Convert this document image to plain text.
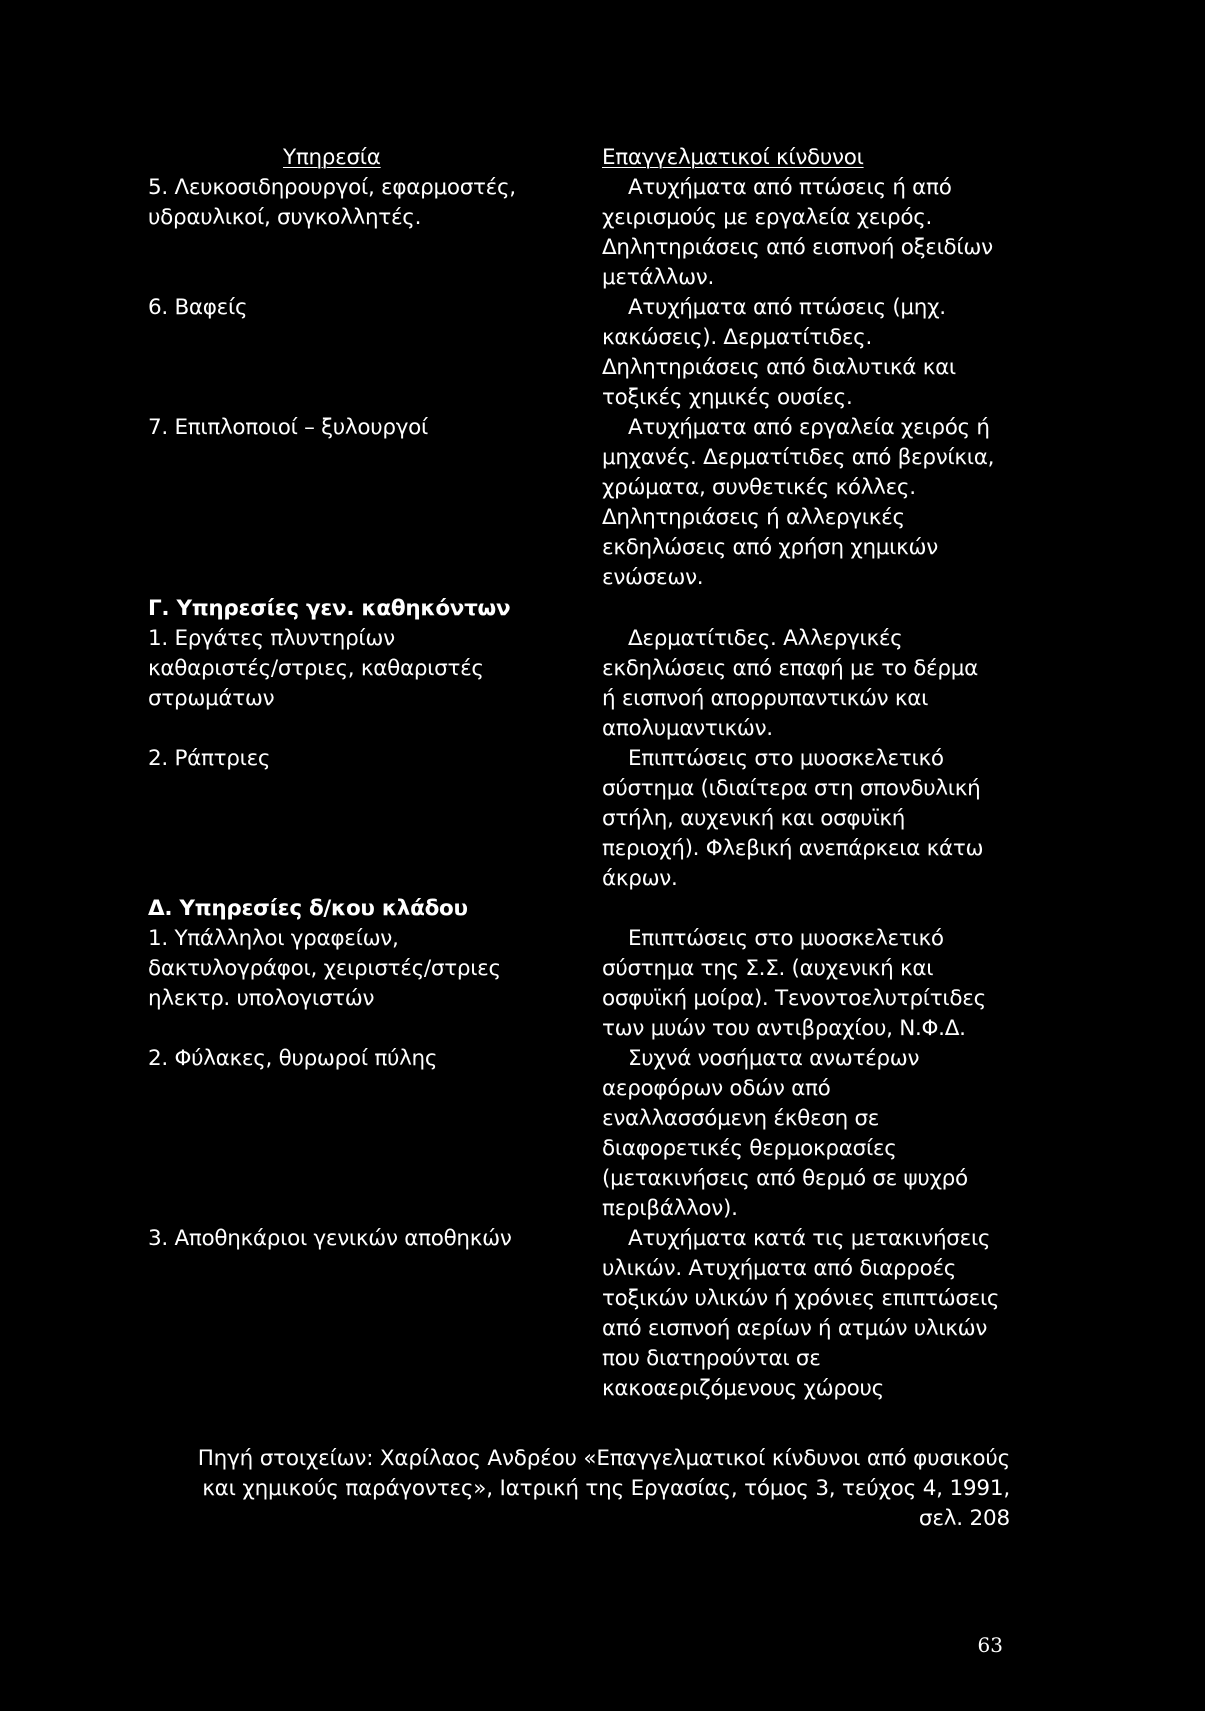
Υπηρεσία
5. Λευκοσιδηρουργοί, εφαρμοστές,
υδραυλικοί, συγκολλητές.
6. Βαφείς
7. Επιπλοποιοί – ξυλουργοί
Γ. Υπηρεσίες γεν. καθηκόντων
1. Εργάτες πλυντηρίων
καθαριστές/στριες, καθαριστές
στρωμάτων
2. Ράπτριες
Δ. Υπηρεσίες δ/κου κλάδου
1. Υπάλληλοι γραφείων,
δακτυλογράφοι, χειριστές/στριες
ηλεκτρ. υπολογιστών
2. Φύλακες, θυρωροί πύλης
3. Αποθηκάριοι γενικών αποθηκών
Επαγγελματικοί κίνδυνοι
Ατυχήματα από πτώσεις ή από
χειρισμούς με εργαλεία χειρός.
Δηλητηριάσεις από εισπνοή οξειδίων
μετάλλων.
Ατυχήματα από πτώσεις (μηχ.
κακώσεις). Δερματίτιδες.
Δηλητηριάσεις από διαλυτικά και
τοξικές χημικές ουσίες.
Ατυχήματα από εργαλεία χειρός ή
μηχανές. Δερματίτιδες από βερνίκια,
χρώματα, συνθετικές κόλλες.
Δηλητηριάσεις ή αλλεργικές
εκδηλώσεις από χρήση χημικών
ενώσεων.
Δερματίτιδες. Αλλεργικές
εκδηλώσεις από επαφή με το δέρμα
ή εισπνοή απορρυπαντικών και
απολυμαντικών.
Επιπτώσεις στο μυοσκελετικό
σύστημα (ιδιαίτερα στη σπονδυλική
στήλη, αυχενική και οσφυϊκή
περιοχή). Φλεβική ανεπάρκεια κάτω
άκρων.
Επιπτώσεις στο μυοσκελετικό
σύστημα της Σ.Σ. (αυχενική και
οσφυϊκή μοίρα). Τενοντοελυτρίτιδες
των μυών του αντιβραχίου, Ν.Φ.Δ.
Συχνά νοσήματα ανωτέρων
αεροφόρων οδών από
εναλλασσόμενη έκθεση σε
διαφορετικές θερμοκρασίες
(μετακινήσεις από θερμό σε ψυχρό
περιβάλλον).
Ατυχήματα κατά τις μετακινήσεις
υλικών. Ατυχήματα από διαρροές
τοξικών υλικών ή χρόνιες επιπτώσεις
από εισπνοή αερίων ή ατμών υλικών
που διατηρούνται σε
κακοαεριζόμενους χώρους
Πηγή στοιχείων: Χαρίλαος Ανδρέου «Επαγγελματικοί κίνδυνοι από φυσικούς
και χημικούς παράγοντες», Ιατρική της Εργασίας, τόμος 3, τεύχος 4, 1991,
σελ. 208
63
